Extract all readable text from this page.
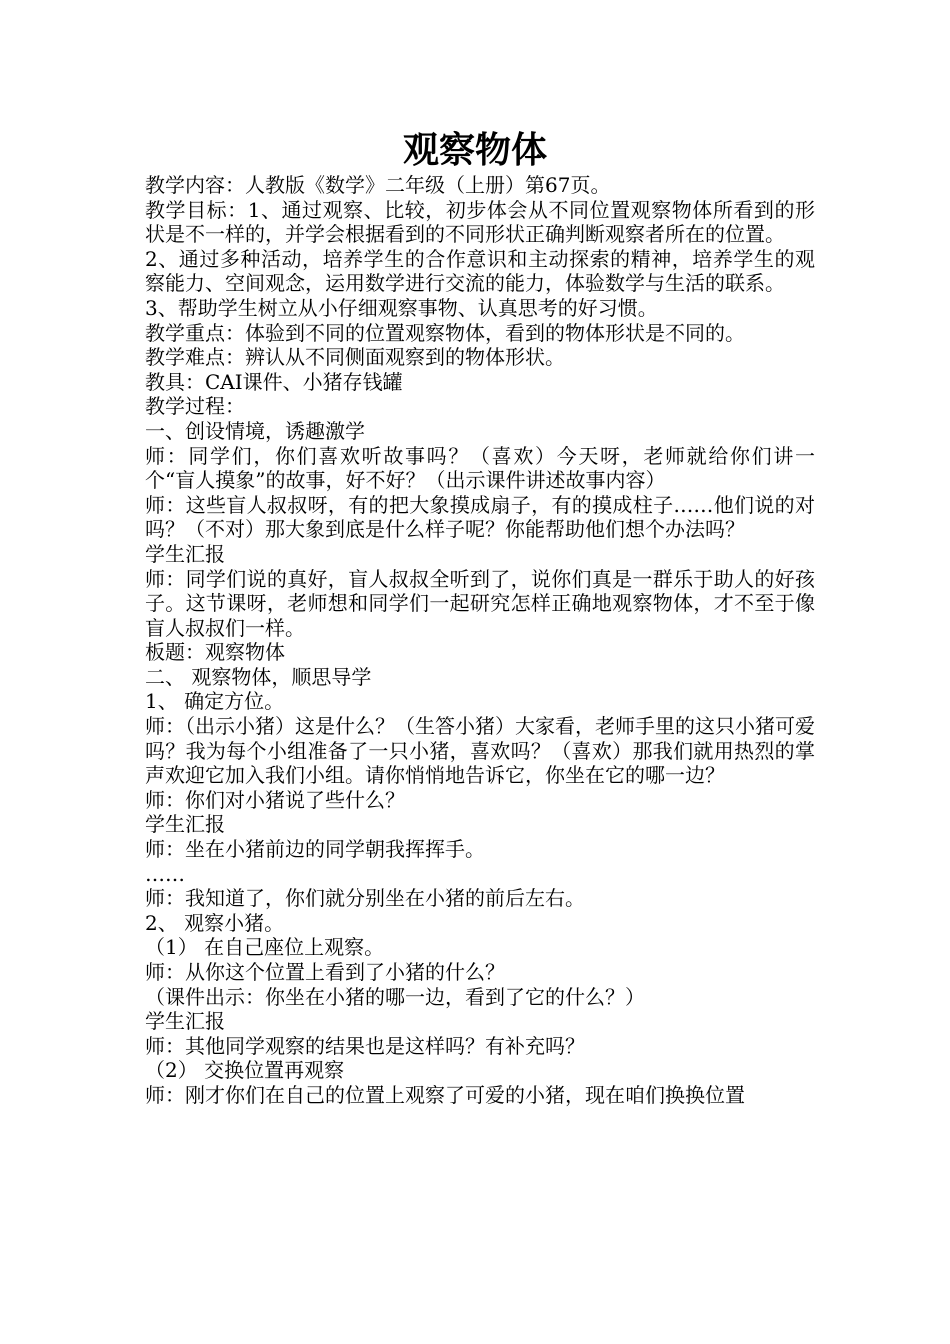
观察物体

教学内容：人教版《数学》二年级（上册）第67页。

教学目标：1、通过观察、比较，初步体会从不同位置观察物体所看到的形状是不一样的，并学会根据看到的不同形状正确判断观察者所在的位置。

2、通过多种活动，培养学生的合作意识和主动探索的精神，培养学生的观察能力、空间观念，运用数学进行交流的能力，体验数学与生活的联系。

3、帮助学生树立从小仔细观察事物、认真思考的好习惯。

教学重点：体验到不同的位置观察物体，看到的物体形状是不同的。

教学难点：辨认从不同侧面观察到的物体形状。

教具：CAI课件、小猪存钱罐

教学过程：

一、创设情境，诱趣激学

师：同学们，你们喜欢听故事吗？（喜欢）今天呀，老师就给你们讲一个“盲人摸象”的故事，好不好？（出示课件讲述故事内容）

师：这些盲人叔叔呀，有的把大象摸成扇子，有的摸成柱子……他们说的对吗？（不对）那大象到底是什么样子呢？你能帮助他们想个办法吗？

学生汇报

师：同学们说的真好，盲人叔叔全听到了，说你们真是一群乐于助人的好孩子。这节课呀，老师想和同学们一起研究怎样正确地观察物体，才不至于像盲人叔叔们一样。

板题：观察物体

二、 观察物体，顺思导学

1、 确定方位。

师：（出示小猪）这是什么？（生答小猪）大家看，老师手里的这只小猪可爱吗？我为每个小组准备了一只小猪，喜欢吗？（喜欢）那我们就用热烈的掌声欢迎它加入我们小组。请你悄悄地告诉它，你坐在它的哪一边？

师：你们对小猪说了些什么？

学生汇报

师：坐在小猪前边的同学朝我挥挥手。

……

师：我知道了，你们就分别坐在小猪的前后左右。

2、 观察小猪。

（1） 在自己座位上观察。

师：从你这个位置上看到了小猪的什么？

（课件出示：你坐在小猪的哪一边，看到了它的什么？）

学生汇报

师：其他同学观察的结果也是这样吗？有补充吗？

（2） 交换位置再观察

师：刚才你们在自己的位置上观察了可爱的小猪，现在咱们换换位置
